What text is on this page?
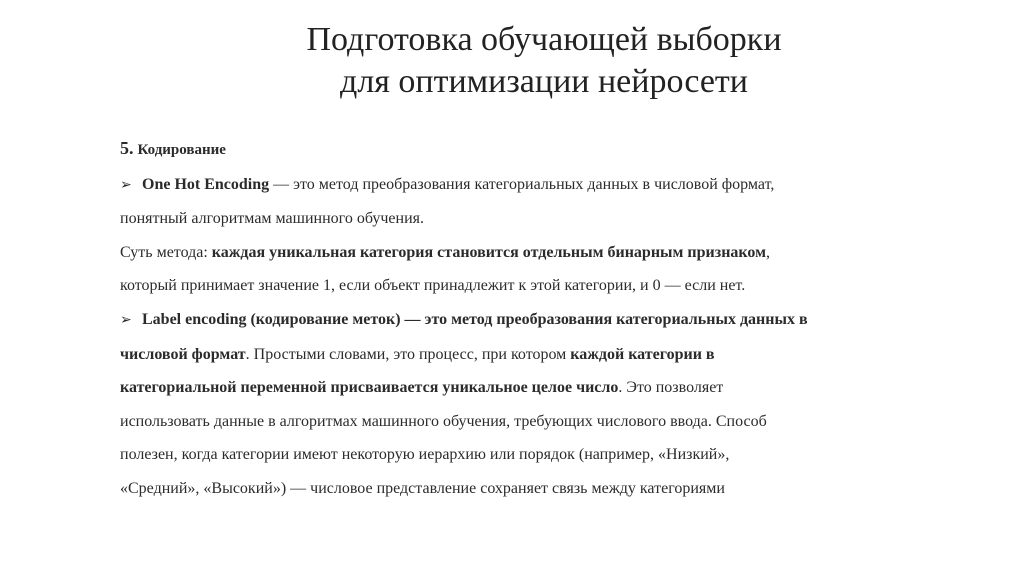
Подготовка обучающей выборки
для оптимизации нейросети
5. Кодирование
➢ One Hot Encoding — это метод преобразования категориальных данных в числовой формат,
понятный алгоритмам машинного обучения.
Суть метода: каждая уникальная категория становится отдельным бинарным признаком,
который принимает значение 1, если объект принадлежит к этой категории, и 0 — если нет.
➢ Label encoding (кодирование меток) — это метод преобразования категориальных данных в
числовой формат. Простыми словами, это процесс, при котором каждой категории в
категориальной переменной присваивается уникальное целое число. Это позволяет
использовать данные в алгоритмах машинного обучения, требующих числового ввода. Способ
полезен, когда категории имеют некоторую иерархию или порядок (например, «Низкий»,
«Средний», «Высокий») — числовое представление сохраняет связь между категориями
